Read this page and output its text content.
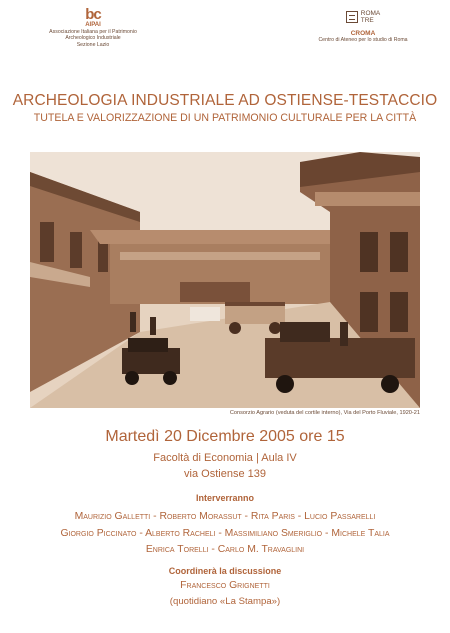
bc
AIPAI
Associazione Italiana per il Patrimonio
Archeologico Industriale
Sezione Lazio
ROMA
TRE
CROMA
Centro di Ateneo per lo studio di Roma
ARCHEOLOGIA INDUSTRIALE AD OSTIENSE-TESTACCIO
TUTELA E VALORIZZAZIONE DI UN PATRIMONIO CULTURALE PER LA CITTÀ
Consorzio Agrario (veduta del cortile interno), Via del Porto Fluviale, 1920-21
Martedì 20 Dicembre 2005 ore 15
Facoltà di Economia | Aula IV
via Ostiense 139
Interverranno
Maurizio Galletti - Roberto Morassut - Rita Paris - Lucio Passarelli
Giorgio Piccinato - Alberto Racheli - Massimiliano Smeriglio - Michele Talia
Enrica Torelli - Carlo M. Travaglini
Coordinerà la discussione
Francesco Grignetti
(quotidiano «La Stampa»)
